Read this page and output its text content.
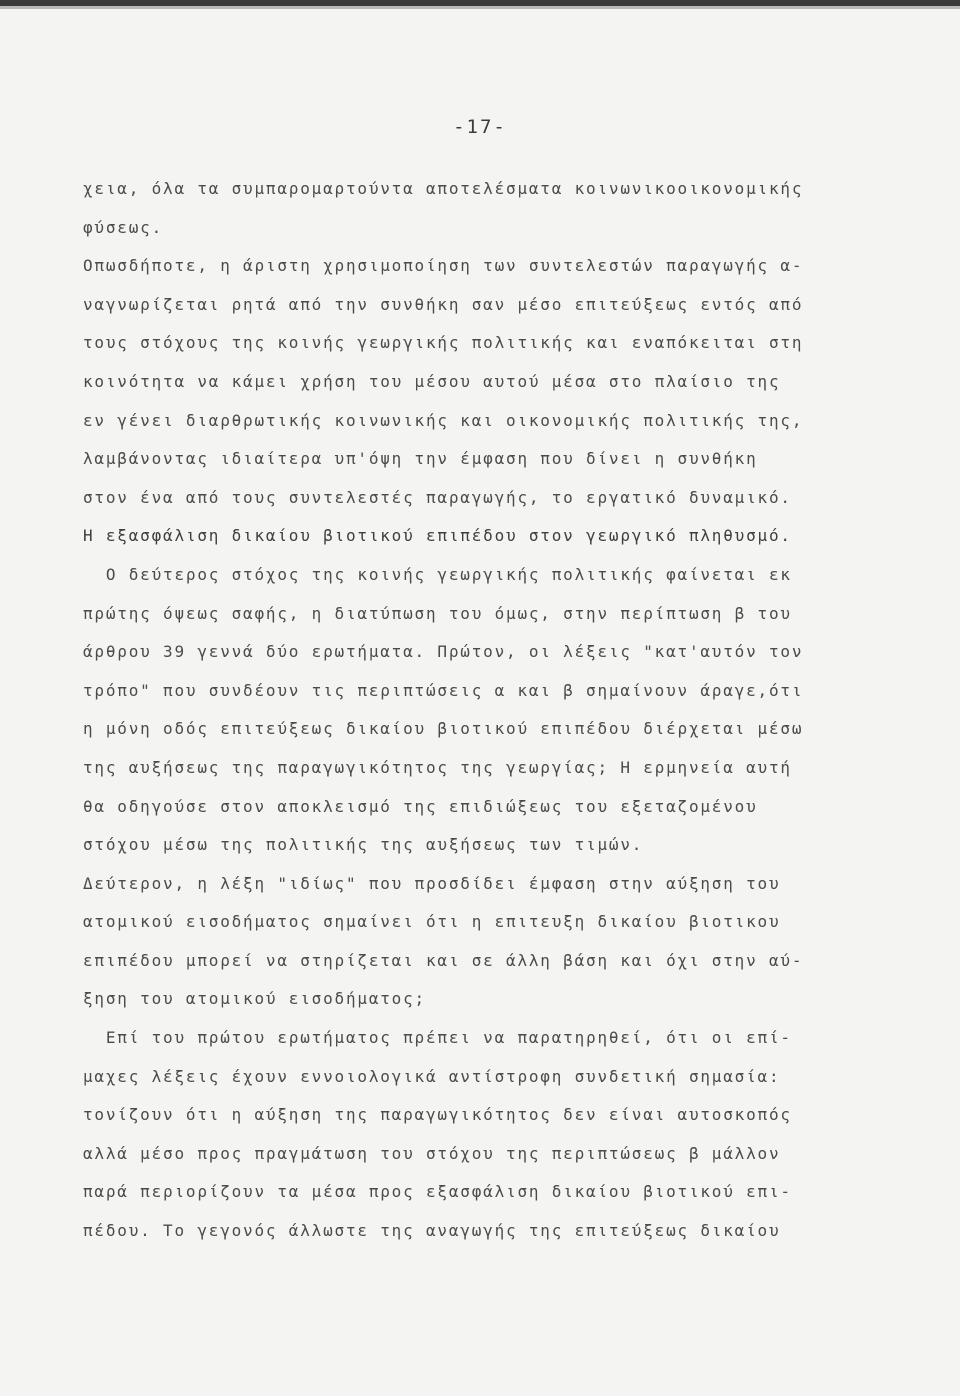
-17-
χεια, όλα τα συμπαρομαρτούντα αποτελέσματα κοινωνικοοικονομικής
φύσεως.
Οπωσδήποτε, η άριστη χρησιμοποίηση των συντελεστών παραγωγής α-
ναγνωρίζεται ρητά από την συνθήκη σαν μέσο επιτεύξεως εντός από
τους στόχους της κοινής γεωργικής πολιτικής και εναπόκειται στη
κοινότητα να κάμει χρήση του μέσου αυτού μέσα στο πλαίσιο της
εν γένει διαρθρωτικής κοινωνικής και οικονομικής πολιτικής της,
λαμβάνοντας ιδιαίτερα υπ'όψη την έμφαση που δίνει η συνθήκη
στον ένα από τους συντελεστές παραγωγής, το εργατικό δυναμικό.
Η εξασφάλιση δικαίου βιοτικού επιπέδου στον γεωργικό πληθυσμό.
Ο δεύτερος στόχος της κοινής γεωργικής πολιτικής φαίνεται εκ
πρώτης όψεως σαφής, η διατύπωση του όμως, στην περίπτωση β του
άρθρου 39 γεννά δύο ερωτήματα. Πρώτον, οι λέξεις "κατ'αυτόν τον
τρόπο" που συνδέουν τις περιπτώσεις α και β σημαίνουν άραγε,ότι
η μόνη οδός επιτεύξεως δικαίου βιοτικού επιπέδου διέρχεται μέσω
της αυξήσεως της παραγωγικότητος της γεωργίας; Η ερμηνεία αυτή
θα οδηγούσε στον αποκλεισμό της επιδιώξεως του εξεταζομένου
στόχου μέσω της πολιτικής της αυξήσεως των τιμών.
Δεύτερον, η λέξη "ιδίως" που προσδίδει έμφαση στην αύξηση του
ατομικού εισοδήματος σημαίνει ότι η επιτευξη δικαίου βιοτικου
επιπέδου μπορεί να στηρίζεται και σε άλλη βάση και όχι στην αύ-
ξηση του ατομικού εισοδήματος;
Επί του πρώτου ερωτήματος πρέπει να παρατηρηθεί, ότι οι επί-
μαχες λέξεις έχουν εννοιολογικά αντίστροφη συνδετική σημασία:
τονίζουν ότι η αύξηση της παραγωγικότητος δεν είναι αυτοσκοπός
αλλά μέσο προς πραγμάτωση του στόχου της περιπτώσεως β μάλλον
παρά περιορίζουν τα μέσα προς εξασφάλιση δικαίου βιοτικού επι-
πέδου. Το γεγονός άλλωστε της αναγωγής της επιτεύξεως δικαίου
